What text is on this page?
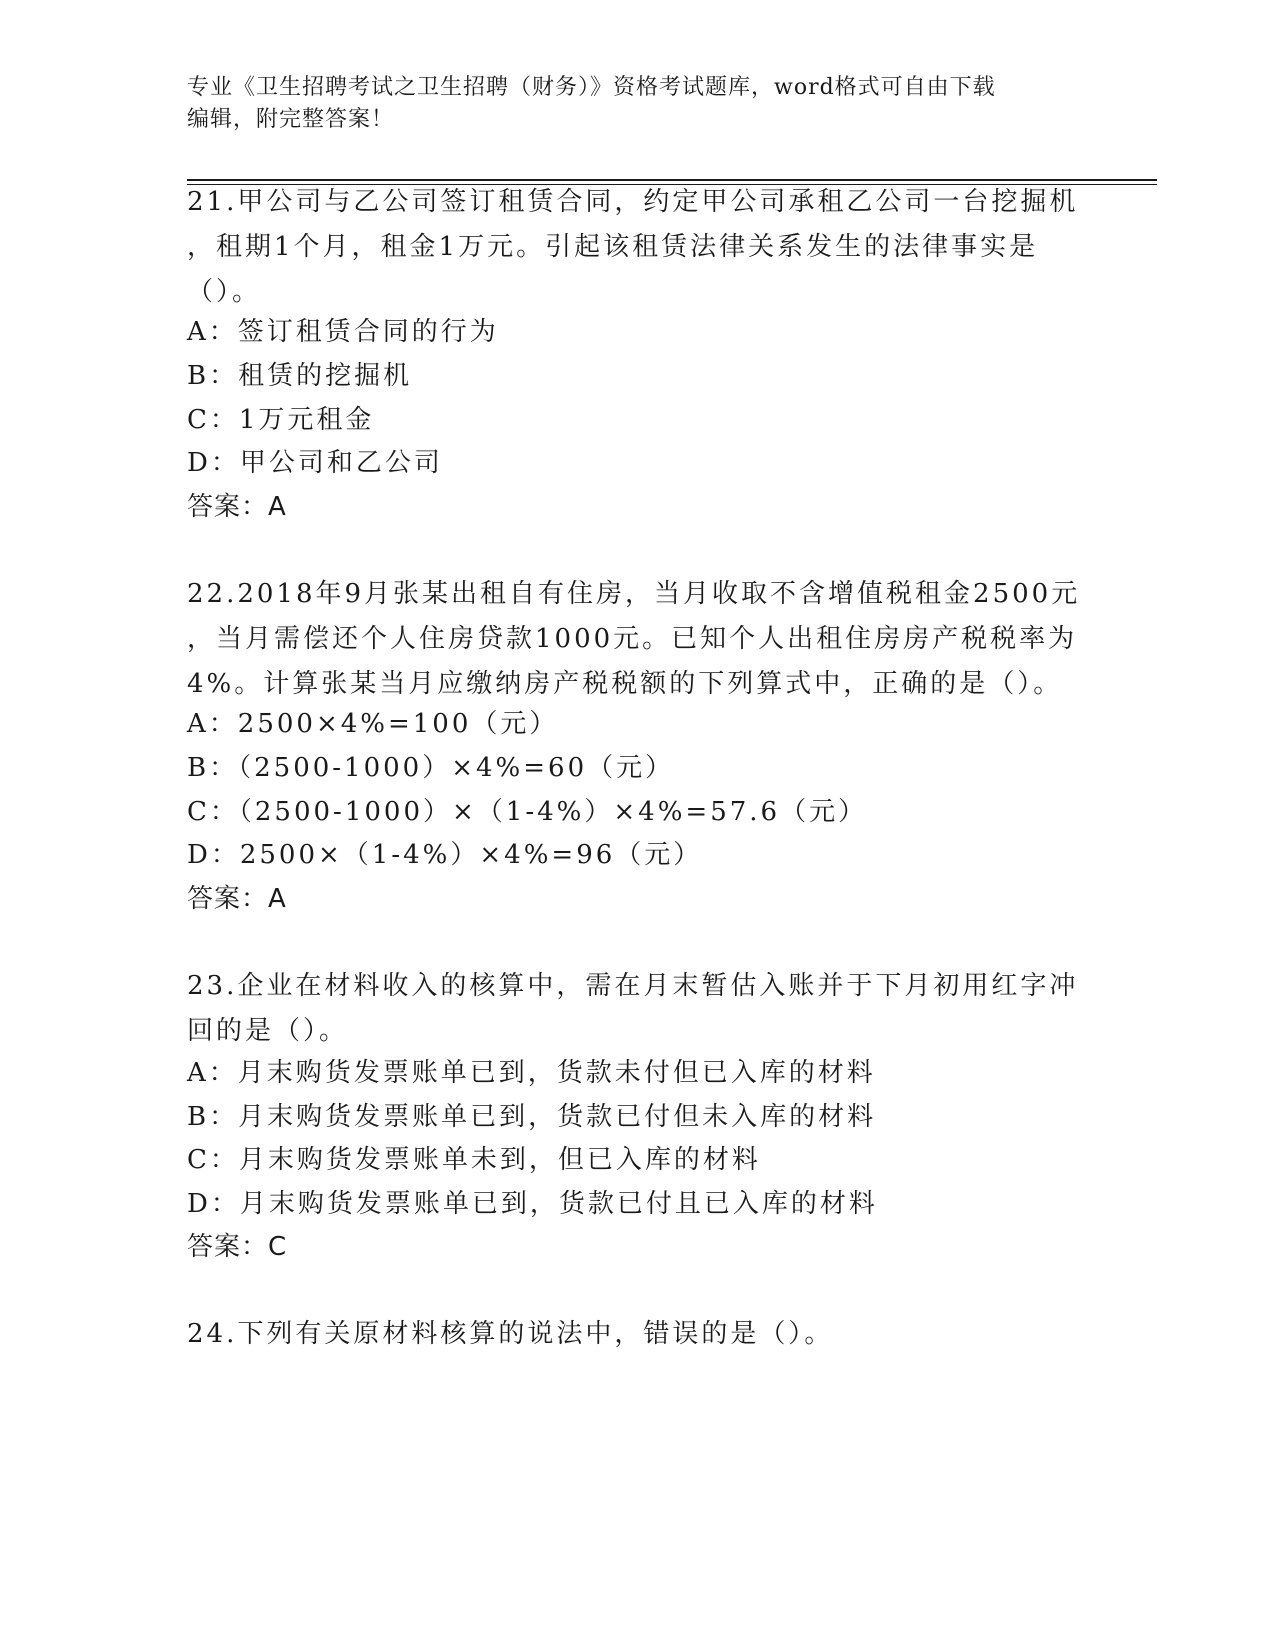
专业《卫生招聘考试之卫生招聘（财务）》资格考试题库，word格式可自由下载
编辑，附完整答案！
21.甲公司与乙公司签订租赁合同，约定甲公司承租乙公司一台挖掘机
，租期1个月，租金1万元。引起该租赁法律关系发生的法律事实是
（）。
A：签订租赁合同的行为
B：租赁的挖掘机
C：1万元租金
D：甲公司和乙公司
答案：A
22.2018年9月张某出租自有住房，当月收取不含增值税租金2500元
，当月需偿还个人住房贷款1000元。已知个人出租住房房产税税率为
4%。计算张某当月应缴纳房产税税额的下列算式中，正确的是（）。
A：2500×4%=100（元）
B：（2500-1000）×4%=60（元）
C：（2500-1000）×（1-4%）×4%=57.6（元）
D：2500×（1-4%）×4%=96（元）
答案：A
23.企业在材料收入的核算中，需在月末暂估入账并于下月初用红字冲
回的是（）。
A：月末购货发票账单已到，货款未付但已入库的材料
B：月末购货发票账单已到，货款已付但未入库的材料
C：月末购货发票账单未到，但已入库的材料
D：月末购货发票账单已到，货款已付且已入库的材料
答案：C
24.下列有关原材料核算的说法中，错误的是（）。
